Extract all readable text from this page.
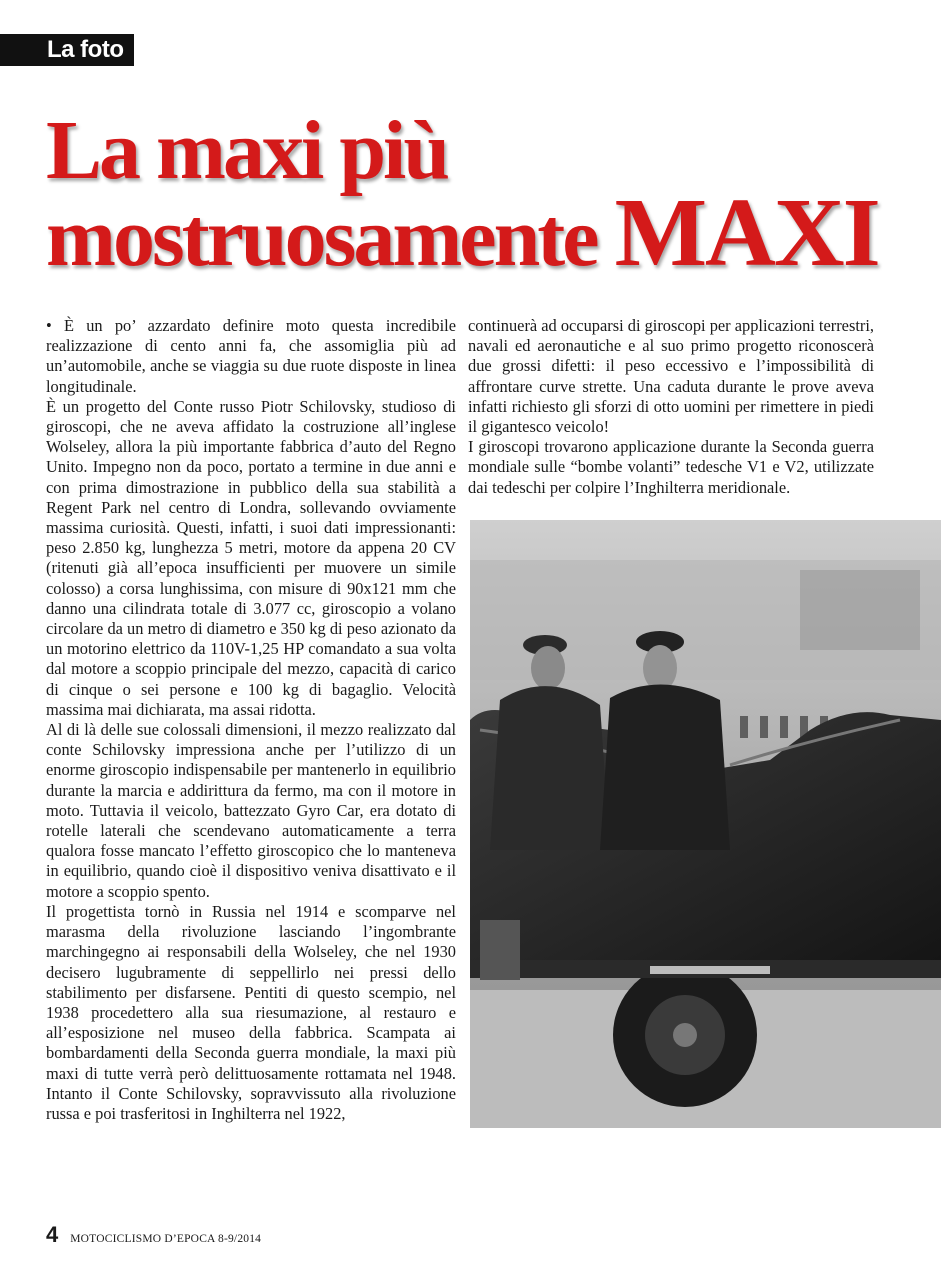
La foto
La maxi più
mostruosamente MAXI

• È un po’ azzardato definire moto questa incredibile realizzazione di cento anni fa, che assomiglia più ad un’automobile, anche se viaggia su due ruote disposte in linea longitudinale.

È un progetto del Conte russo Piotr Schilovsky, studioso di giroscopi, che ne aveva affidato la costruzione all’inglese Wolseley, allora la più importante fabbrica d’auto del Regno Unito. Impegno non da poco, portato a termine in due anni e con prima dimostrazione in pubblico della sua stabilità a Regent Park nel centro di Londra, sollevando ovviamente massima curiosità. Questi, infatti, i suoi dati impressionanti: peso 2.850 kg, lunghezza 5 metri, motore da appena 20 CV (ritenuti già all’epoca insufficienti per muovere un simile colosso) a corsa lunghissima, con misure di 90x121 mm che danno una cilindrata totale di 3.077 cc, giroscopio a volano circolare da un metro di diametro e 350 kg di peso azionato da un motorino elettrico da 110V-1,25 HP comandato a sua volta dal motore a scoppio principale del mezzo, capacità di carico di cinque o sei persone e 100 kg di bagaglio. Velocità massima mai dichiarata, ma assai ridotta.

Al di là delle sue colossali dimensioni, il mezzo realizzato dal conte Schilovsky impressiona anche per l’utilizzo di un enorme giroscopio indispensabile per mantenerlo in equilibrio durante la marcia e addirittura da fermo, ma con il motore in moto. Tuttavia il veicolo, battezzato Gyro Car, era dotato di rotelle laterali che scendevano automaticamente a terra qualora fosse mancato l’effetto giroscopico che lo manteneva in equilibrio, quando cioè il dispositivo veniva disattivato e il motore a scoppio spento.

Il progettista tornò in Russia nel 1914 e scomparve nel marasma della rivoluzione lasciando l’ingombrante marchingegno ai responsabili della Wolseley, che nel 1930 decisero lugubramente di seppellirlo nei pressi dello stabilimento per disfarsene. Pentiti di questo scempio, nel 1938 procedettero alla sua riesumazione, al restauro e all’esposizione nel museo della fabbrica. Scampata ai bombardamenti della Seconda guerra mondiale, la maxi più maxi di tutte verrà però delittuosamente rottamata nel 1948. Intanto il Conte Schilovsky, sopravvissuto alla rivoluzione russa e poi trasferitosi in Inghilterra nel 1922,

continuerà ad occuparsi di giroscopi per applicazioni terrestri, navali ed aeronautiche e al suo primo progetto riconoscerà due grossi difetti: il peso eccessivo e l’impossibilità di affrontare curve strette. Una caduta durante le prove aveva infatti richiesto gli sforzi di otto uomini per rimettere in piedi il gigantesco veicolo!

I giroscopi trovarono applicazione durante la Seconda guerra mondiale sulle “bombe volanti” tedesche V1 e V2, utilizzate dai tedeschi per colpire l’Inghilterra meridionale.

4 MOTOCICLISMO D’EPOCA 8-9/2014
